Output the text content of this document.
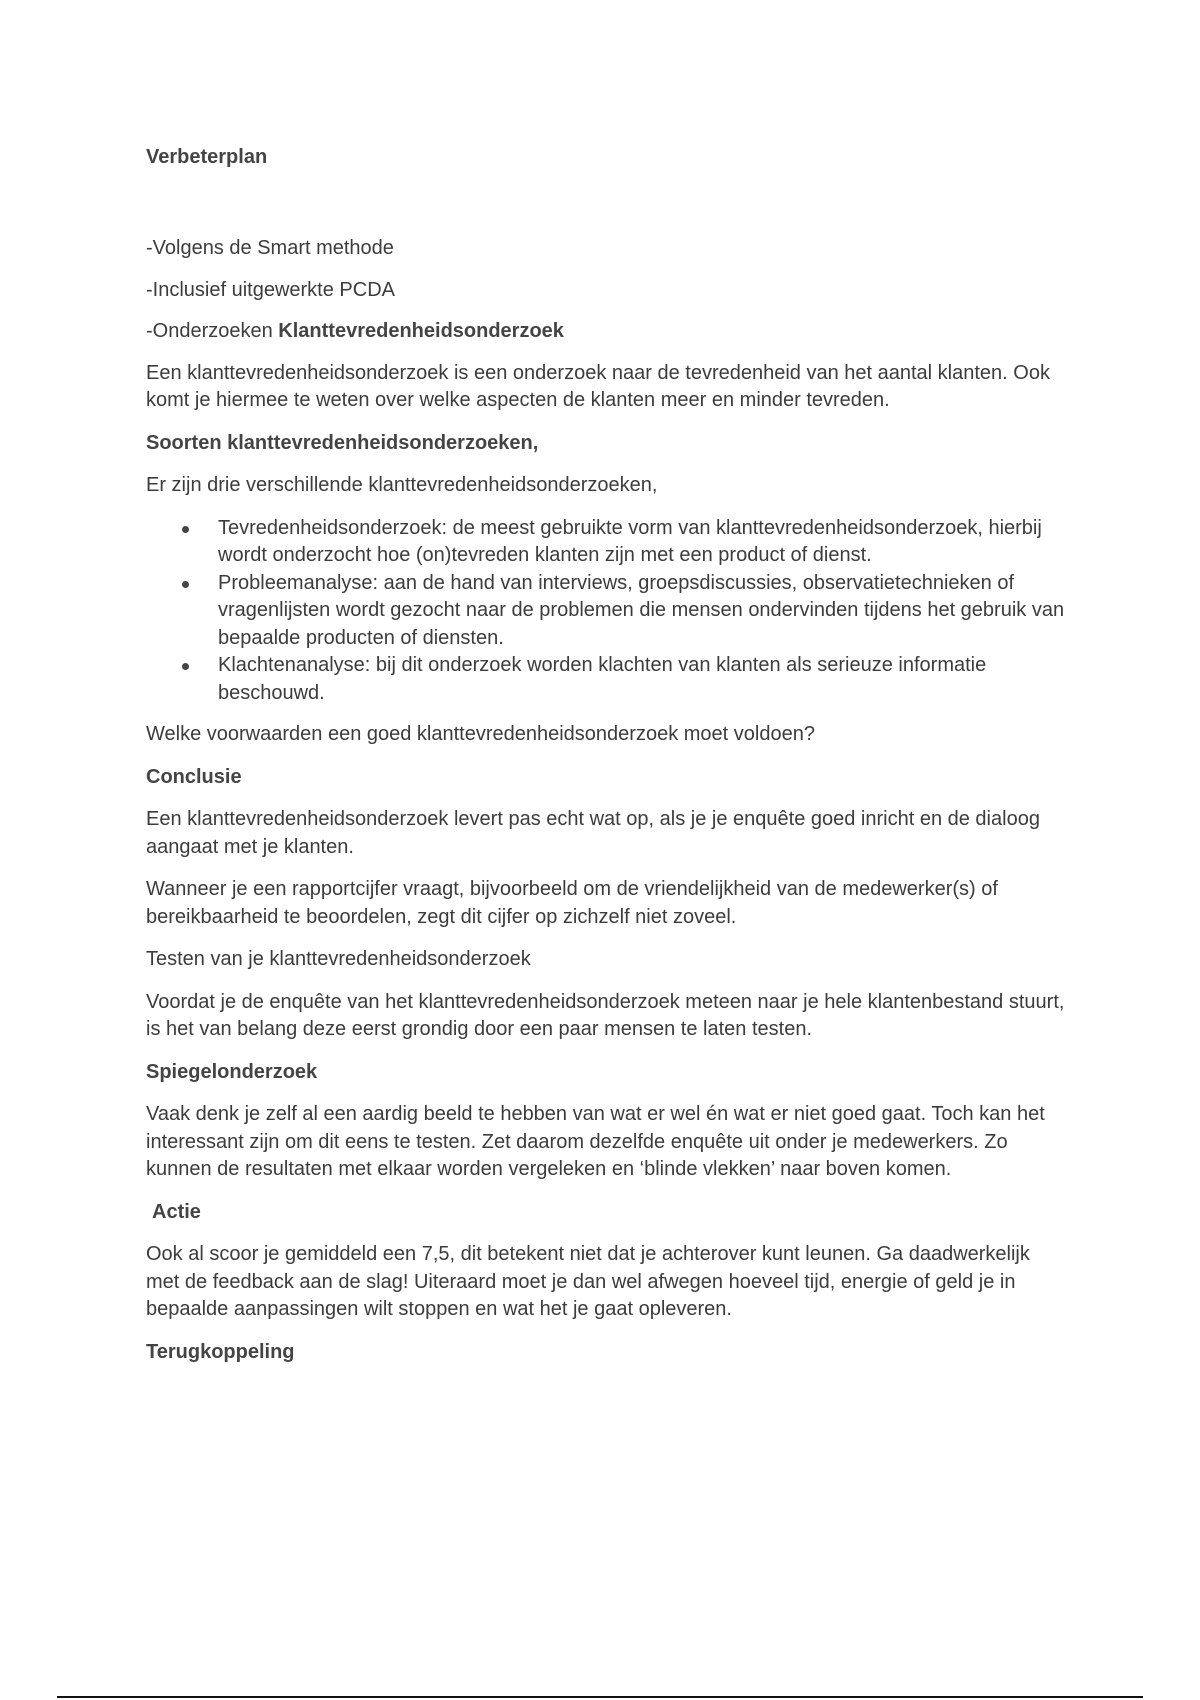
Verbeterplan

-Volgens de Smart methode

-Inclusief uitgewerkte PCDA

-Onderzoeken Klanttevredenheidsonderzoek

Een klanttevredenheidsonderzoek is een onderzoek naar de tevredenheid van het aantal klanten. Ook komt je hiermee te weten over welke aspecten de klanten meer en minder tevreden.

Soorten klanttevredenheidsonderzoeken,

Er zijn drie verschillende klanttevredenheidsonderzoeken,

Tevredenheidsonderzoek: de meest gebruikte vorm van klanttevredenheidsonderzoek, hierbij wordt onderzocht hoe (on)tevreden klanten zijn met een product of dienst.
Probleemanalyse: aan de hand van interviews, groepsdiscussies, observatietechnieken of vragenlijsten wordt gezocht naar de problemen die mensen ondervinden tijdens het gebruik van bepaalde producten of diensten.
Klachtenanalyse: bij dit onderzoek worden klachten van klanten als serieuze informatie beschouwd.

Welke voorwaarden een goed klanttevredenheidsonderzoek moet voldoen?

Conclusie

Een klanttevredenheidsonderzoek levert pas echt wat op, als je je enquête goed inricht en de dialoog aangaat met je klanten.

Wanneer je een rapportcijfer vraagt, bijvoorbeeld om de vriendelijkheid van de medewerker(s) of bereikbaarheid te beoordelen, zegt dit cijfer op zichzelf niet zoveel.

Testen van je klanttevredenheidsonderzoek

Voordat je de enquête van het klanttevredenheidsonderzoek meteen naar je hele klantenbestand stuurt, is het van belang deze eerst grondig door een paar mensen te laten testen.

Spiegelonderzoek

Vaak denk je zelf al een aardig beeld te hebben van wat er wel én wat er niet goed gaat. Toch kan het interessant zijn om dit eens te testen. Zet daarom dezelfde enquête uit onder je medewerkers. Zo kunnen de resultaten met elkaar worden vergeleken en ‘blinde vlekken’ naar boven komen.

Actie

Ook al scoor je gemiddeld een 7,5, dit betekent niet dat je achterover kunt leunen. Ga daadwerkelijk met de feedback aan de slag! Uiteraard moet je dan wel afwegen hoeveel tijd, energie of geld je in bepaalde aanpassingen wilt stoppen en wat het je gaat opleveren.

Terugkoppeling
